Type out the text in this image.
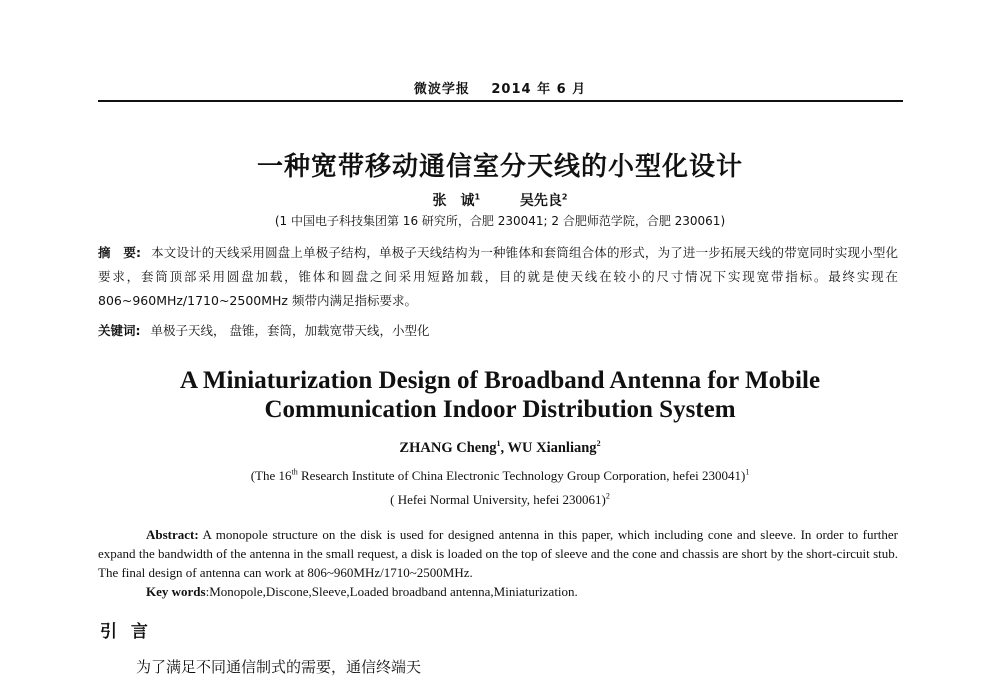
微波学报 2014 年 6 月
一种宽带移动通信室分天线的小型化设计
张　诚$^1$	吴先良$^2$
(1 中国电子科技集团第 16 研究所，合肥 230041; 2 合肥师范学院，合肥 230061)
摘　要: 本文设计的天线采用圆盘上单极子结构，单极子天线结构为一种锥体和套筒组合体的形式，为了进一步拓展天线的带宽同时实现小型化要求，套筒顶部采用圆盘加载，锥体和圆盘之间采用短路加载，目的就是使天线在较小的尺寸情况下实现宽带指标。最终实现在 806~960MHz/1710~2500MHz 频带内满足指标要求。
关键词: 单极子天线， 盘锥，套筒，加载宽带天线，小型化
A Miniaturization Design of Broadband Antenna for Mobile
Communication Indoor Distribution System
ZHANG Cheng$^1$, WU Xianliang$^2$
(The 16th Research Institute of China Electronic Technology Group Corporation, hefei 230041)$^1$
( Hefei Normal University, hefei 230061)$^2$
Abstract: A monopole structure on the disk is used for designed antenna in this paper, which including cone and sleeve. In order to further expand the bandwidth of the antenna in the small request, a disk is loaded on the top of sleeve and the cone and chassis are short by the short-circuit stub. The final design of antenna can work at 806~960MHz/1710~2500MHz.
Key words:Monopole,Discone,Sleeve,Loaded broadband antenna,Miniaturization.
引 言
为了满足不同通信制式的需要，通信终端天
